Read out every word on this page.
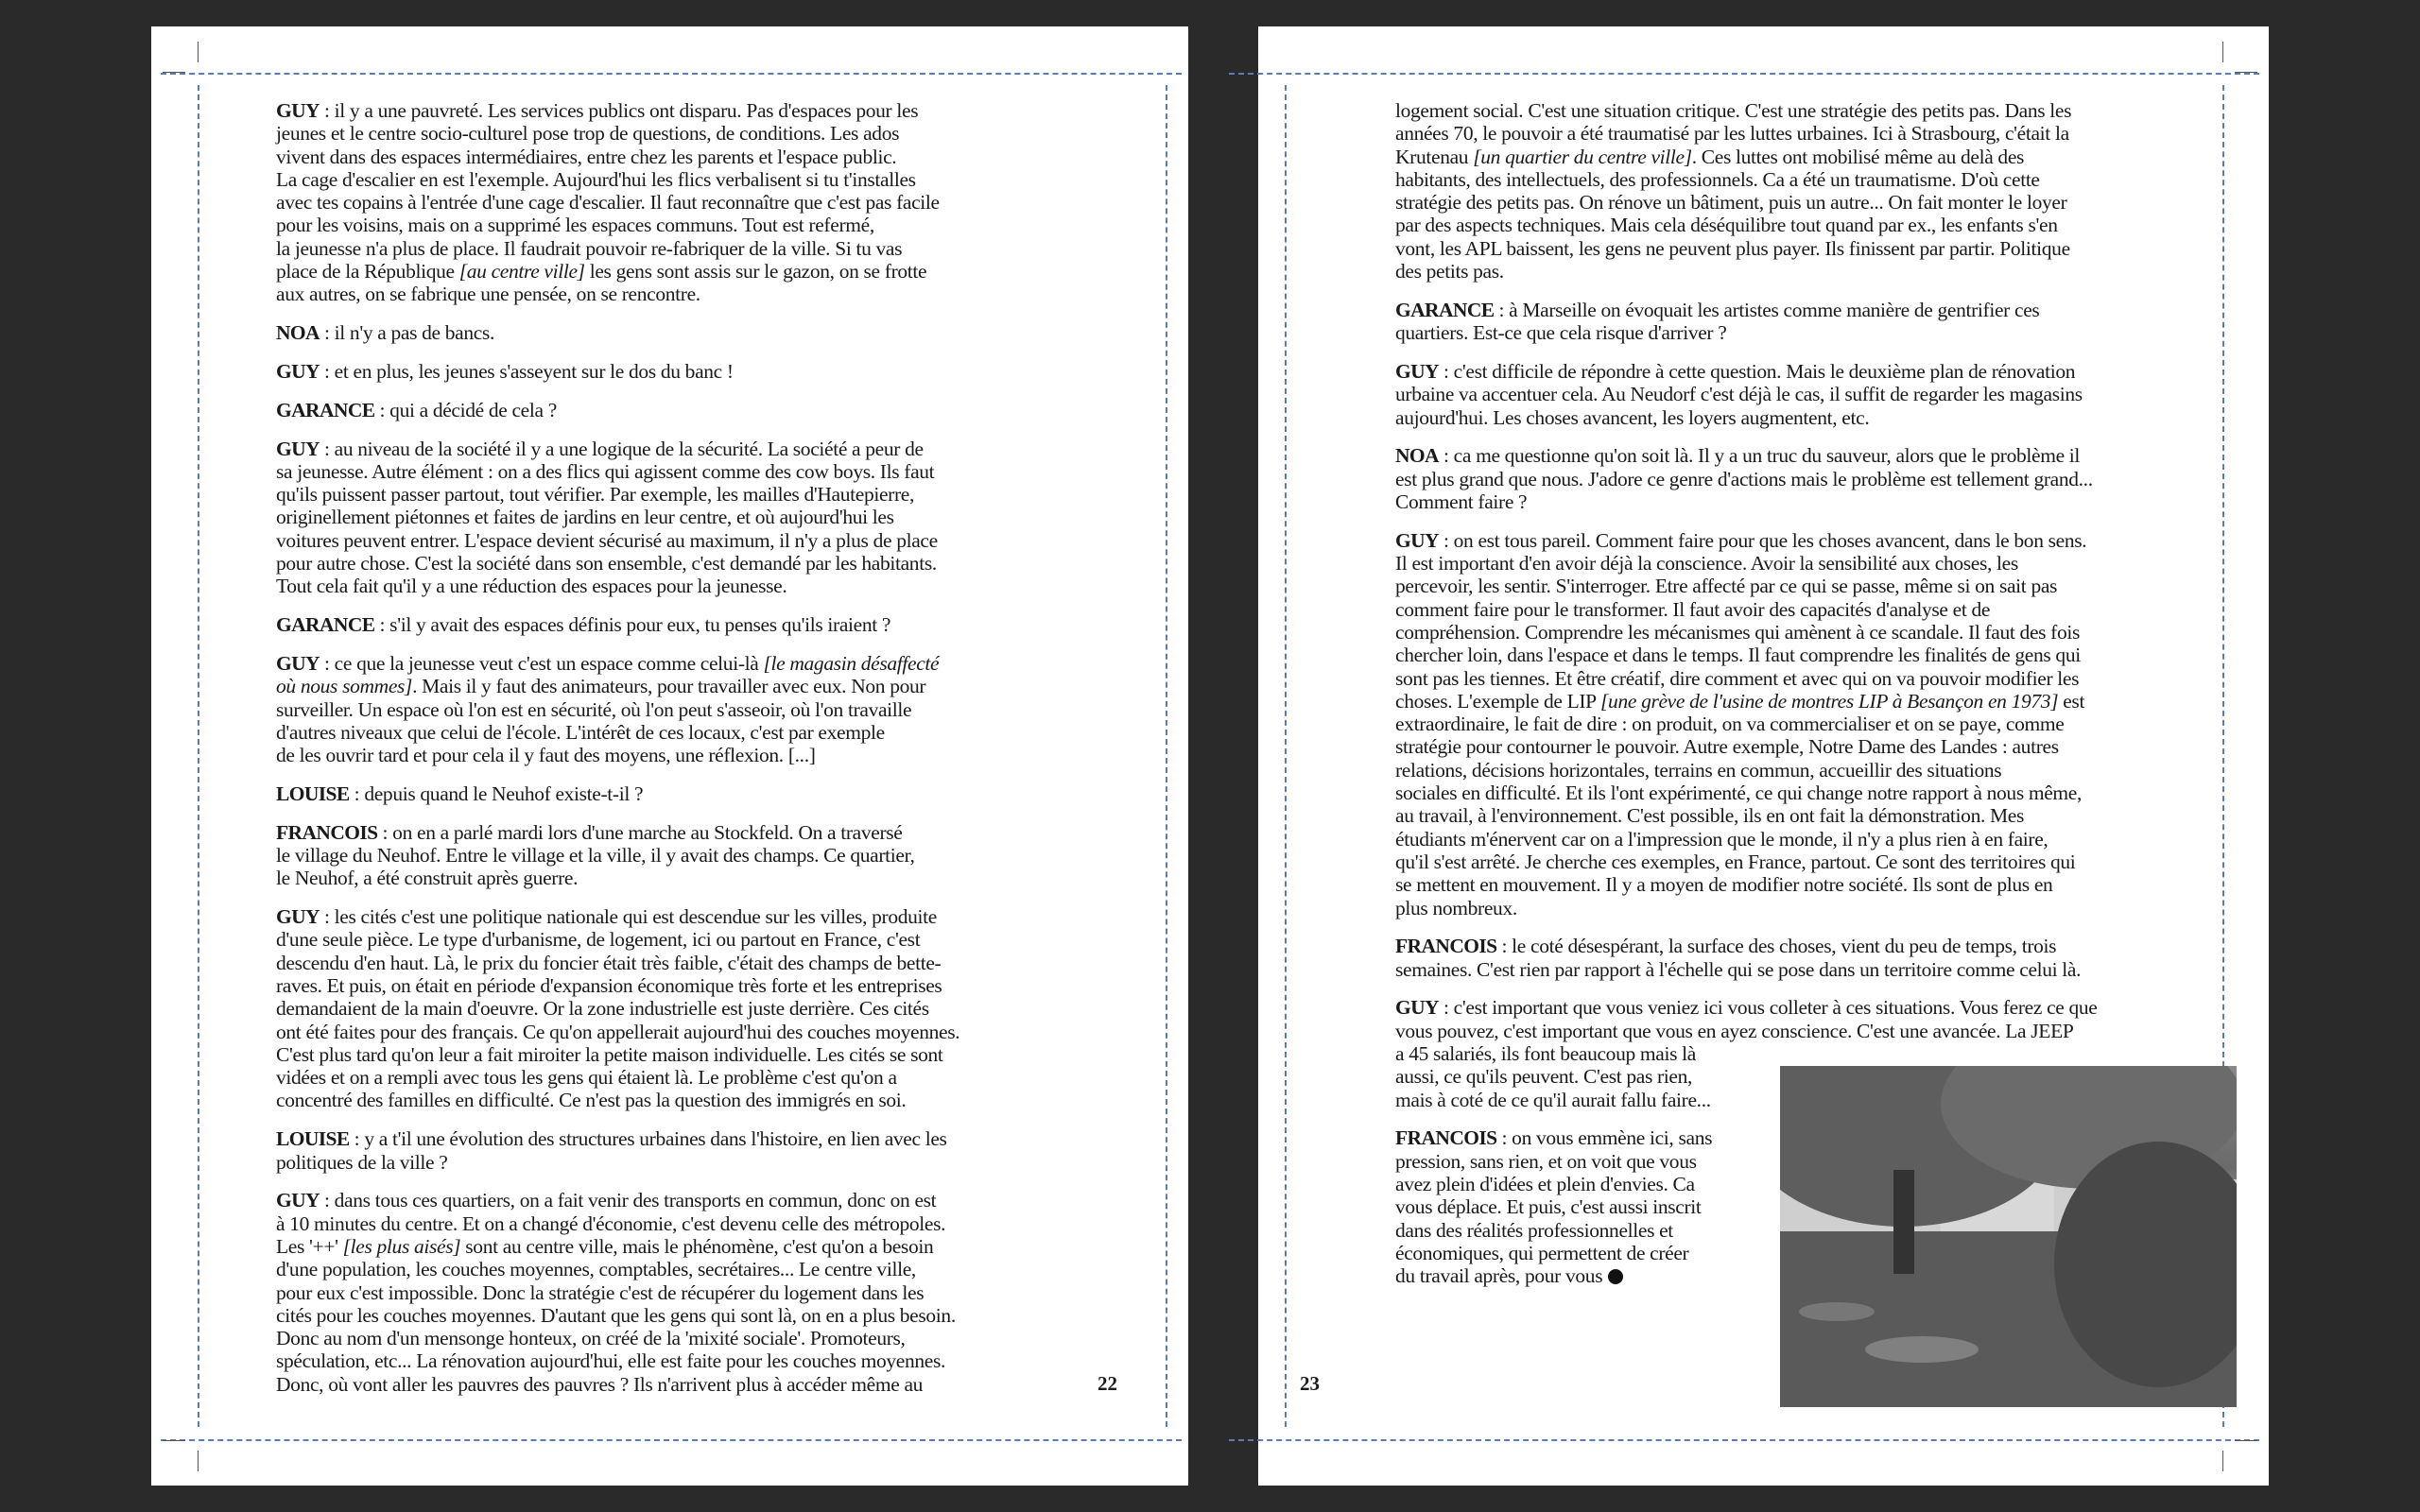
GUY : il y a une pauvreté. Les services publics ont disparu. Pas d'espaces pour les
jeunes et le centre socio-culturel pose trop de questions, de conditions. Les ados
vivent dans des espaces intermédiaires, entre chez les parents et l'espace public.
La cage d'escalier en est l'exemple. Aujourd'hui les flics verbalisent si tu t'installes
avec tes copains à l'entrée d'une cage d'escalier. Il faut reconnaître que c'est pas facile
pour les voisins, mais on a supprimé les espaces communs. Tout est refermé,
la jeunesse n'a plus de place. Il faudrait pouvoir re-fabriquer de la ville. Si tu vas
place de la République [au centre ville] les gens sont assis sur le gazon, on se frotte
aux autres, on se fabrique une pensée, on se rencontre.
NOA : il n'y a pas de bancs.
GUY : et en plus, les jeunes s'asseyent sur le dos du banc !
GARANCE : qui a décidé de cela ?
GUY : au niveau de la société il y a une logique de la sécurité. La société a peur de
sa jeunesse. Autre élément : on a des flics qui agissent comme des cow boys. Ils faut
qu'ils puissent passer partout, tout vérifier. Par exemple, les mailles d'Hautepierre,
originellement piétonnes et faites de jardins en leur centre, et où aujourd'hui les
voitures peuvent entrer. L'espace devient sécurisé au maximum, il n'y a plus de place
pour autre chose. C'est la société dans son ensemble, c'est demandé par les habitants.
Tout cela fait qu'il y a une réduction des espaces pour la jeunesse.
GARANCE : s'il y avait des espaces définis pour eux, tu penses qu'ils iraient ?
GUY : ce que la jeunesse veut c'est un espace comme celui-là [le magasin désaffecté
où nous sommes]. Mais il y faut des animateurs, pour travailler avec eux. Non pour
surveiller. Un espace où l'on est en sécurité, où l'on peut s'asseoir, où l'on travaille
d'autres niveaux que celui de l'école. L'intérêt de ces locaux, c'est par exemple
de les ouvrir tard et pour cela il y faut des moyens, une réflexion. [...]
LOUISE : depuis quand le Neuhof existe-t-il ?
FRANCOIS : on en a parlé mardi lors d'une marche au Stockfeld. On a traversé
le village du Neuhof. Entre le village et la ville, il y avait des champs. Ce quartier,
le Neuhof, a été construit après guerre.
GUY : les cités c'est une politique nationale qui est descendue sur les villes, produite
d'une seule pièce. Le type d'urbanisme, de logement, ici ou partout en France, c'est
descendu d'en haut. Là, le prix du foncier était très faible, c'était des champs de bette-
raves. Et puis, on était en période d'expansion économique très forte et les entreprises
demandaient de la main d'oeuvre. Or la zone industrielle est juste derrière. Ces cités
ont été faites pour des français. Ce qu'on appellerait aujourd'hui des couches moyennes.
C'est plus tard qu'on leur a fait miroiter la petite maison individuelle. Les cités se sont
vidées et on a rempli avec tous les gens qui étaient là. Le problème c'est qu'on a
concentré des familles en difficulté. Ce n'est pas la question des immigrés en soi.
LOUISE : y a t'il une évolution des structures urbaines dans l'histoire, en lien avec les
politiques de la ville ?
GUY : dans tous ces quartiers, on a fait venir des transports en commun, donc on est
à 10 minutes du centre. Et on a changé d'économie, c'est devenu celle des métropoles.
Les '++' [les plus aisés] sont au centre ville, mais le phénomène, c'est qu'on a besoin
d'une population, les couches moyennes, comptables, secrétaires... Le centre ville,
pour eux c'est impossible. Donc la stratégie c'est de récupérer du logement dans les
cités pour les couches moyennes. D'autant que les gens qui sont là, on en a plus besoin.
Donc au nom d'un mensonge honteux, on créé de la 'mixité sociale'. Promoteurs,
spéculation, etc... La rénovation aujourd'hui, elle est faite pour les couches moyennes.
Donc, où vont aller les pauvres des pauvres ? Ils n'arrivent plus à accéder même au
logement social. C'est une situation critique. C'est une stratégie des petits pas. Dans les
années 70, le pouvoir a été traumatisé par les luttes urbaines. Ici à Strasbourg, c'était la
Krutenau [un quartier du centre ville]. Ces luttes ont mobilisé même au delà des
habitants, des intellectuels, des professionnels. Ca a été un traumatisme. D'où cette
stratégie des petits pas. On rénove un bâtiment, puis un autre... On fait monter le loyer
par des aspects techniques. Mais cela déséquilibre tout quand par ex., les enfants s'en
vont, les APL baissent, les gens ne peuvent plus payer. Ils finissent par partir. Politique
des petits pas.
GARANCE : à Marseille on évoquait les artistes comme manière de gentrifier ces
quartiers. Est-ce que cela risque d'arriver ?
GUY : c'est difficile de répondre à cette question. Mais le deuxième plan de rénovation
urbaine va accentuer cela. Au Neudorf c'est déjà le cas, il suffit de regarder les magasins
aujourd'hui. Les choses avancent, les loyers augmentent, etc.
NOA : ca me questionne qu'on soit là. Il y a un truc du sauveur, alors que le problème il
est plus grand que nous. J'adore ce genre d'actions mais le problème est tellement grand...
Comment faire ?
GUY : on est tous pareil. Comment faire pour que les choses avancent, dans le bon sens.
Il est important d'en avoir déjà la conscience. Avoir la sensibilité aux choses, les
percevoir, les sentir. S'interroger. Etre affecté par ce qui se passe, même si on sait pas
comment faire pour le transformer. Il faut avoir des capacités d'analyse et de
compréhension. Comprendre les mécanismes qui amènent à ce scandale. Il faut des fois
chercher loin, dans l'espace et dans le temps. Il faut comprendre les finalités de gens qui
sont pas les tiennes. Et être créatif, dire comment et avec qui on va pouvoir modifier les
choses. L'exemple de LIP [une grève de l'usine de montres LIP à Besançon en 1973] est
extraordinaire, le fait de dire : on produit, on va commercialiser et on se paye, comme
stratégie pour contourner le pouvoir. Autre exemple, Notre Dame des Landes : autres
relations, décisions horizontales, terrains en commun, accueillir des situations
sociales en difficulté. Et ils l'ont expérimenté, ce qui change notre rapport à nous même,
au travail, à l'environnement. C'est possible, ils en ont fait la démonstration. Mes
étudiants m'énervent car on a l'impression que le monde, il n'y a plus rien à en faire,
qu'il s'est arrêté. Je cherche ces exemples, en France, partout. Ce sont des territoires qui
se mettent en mouvement. Il y a moyen de modifier notre société. Ils sont de plus en
plus nombreux.
FRANCOIS : le coté désespérant, la surface des choses, vient du peu de temps, trois
semaines. C'est rien par rapport à l'échelle qui se pose dans un territoire comme celui là.
GUY : c'est important que vous veniez ici vous colleter à ces situations. Vous ferez ce que
vous pouvez, c'est important que vous en ayez conscience. C'est une avancée. La JEEP
a 45 salariés, ils font beaucoup mais là
aussi, ce qu'ils peuvent. C'est pas rien,
mais à coté de ce qu'il aurait fallu faire...
FRANCOIS : on vous emmène ici, sans
pression, sans rien, et on voit que vous
avez plein d'idées et plein d'envies. Ca
vous déplace. Et puis, c'est aussi inscrit
dans des réalités professionnelles et
économiques, qui permettent de créer
du travail après, pour vous
22	23
